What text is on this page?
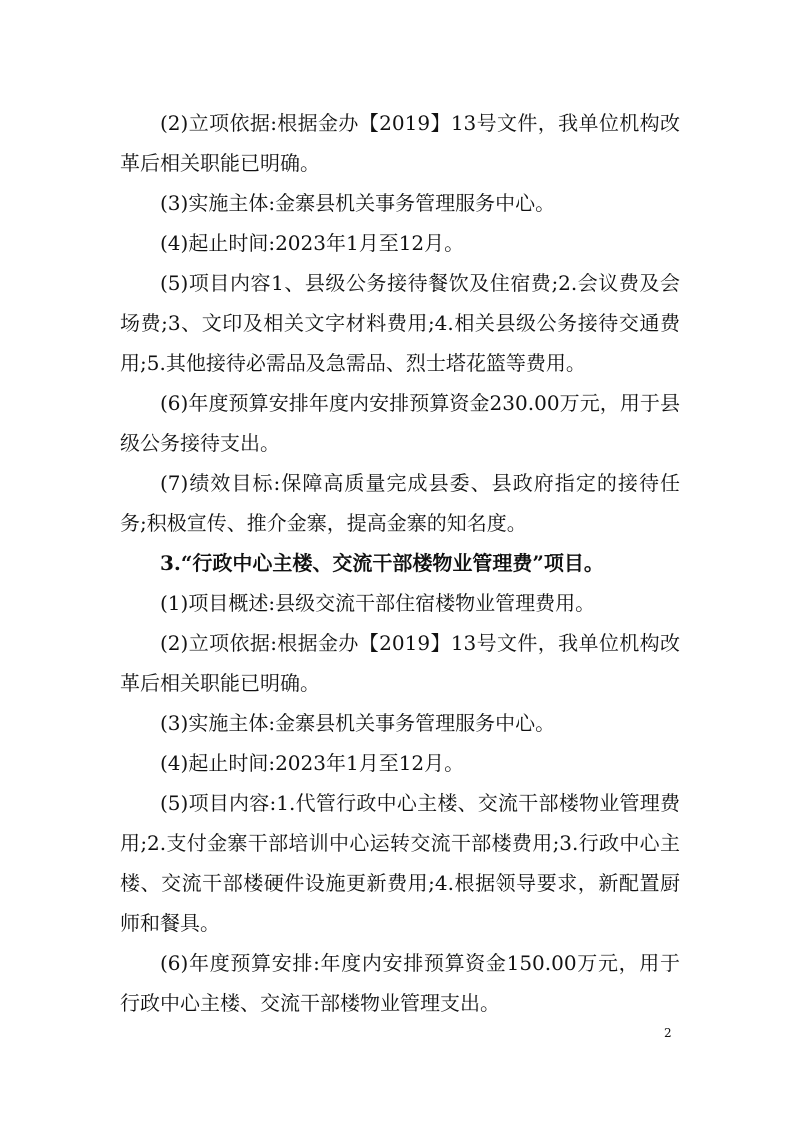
(2)立项依据:根据金办【2019】13号文件，我单位机构改革后相关职能已明确。

(3)实施主体:金寨县机关事务管理服务中心。

(4)起止时间:2023年1月至12月。

(5)项目内容1、县级公务接待餐饮及住宿费;2.会议费及会场费;3、文印及相关文字材料费用;4.相关县级公务接待交通费用;5.其他接待必需品及急需品、烈士塔花篮等费用。

(6)年度预算安排年度内安排预算资金230.00万元，用于县级公务接待支出。

(7)绩效目标:保障高质量完成县委、县政府指定的接待任务;积极宣传、推介金寨，提高金寨的知名度。

3.“行政中心主楼、交流干部楼物业管理费”项目。

(1)项目概述:县级交流干部住宿楼物业管理费用。

(2)立项依据:根据金办【2019】13号文件，我单位机构改革后相关职能已明确。

(3)实施主体:金寨县机关事务管理服务中心。

(4)起止时间:2023年1月至12月。

(5)项目内容:1.代管行政中心主楼、交流干部楼物业管理费用;2.支付金寨干部培训中心运转交流干部楼费用;3.行政中心主楼、交流干部楼硬件设施更新费用;4.根据领导要求，新配置厨师和餐具。

(6)年度预算安排:年度内安排预算资金150.00万元，用于行政中心主楼、交流干部楼物业管理支出。

2
